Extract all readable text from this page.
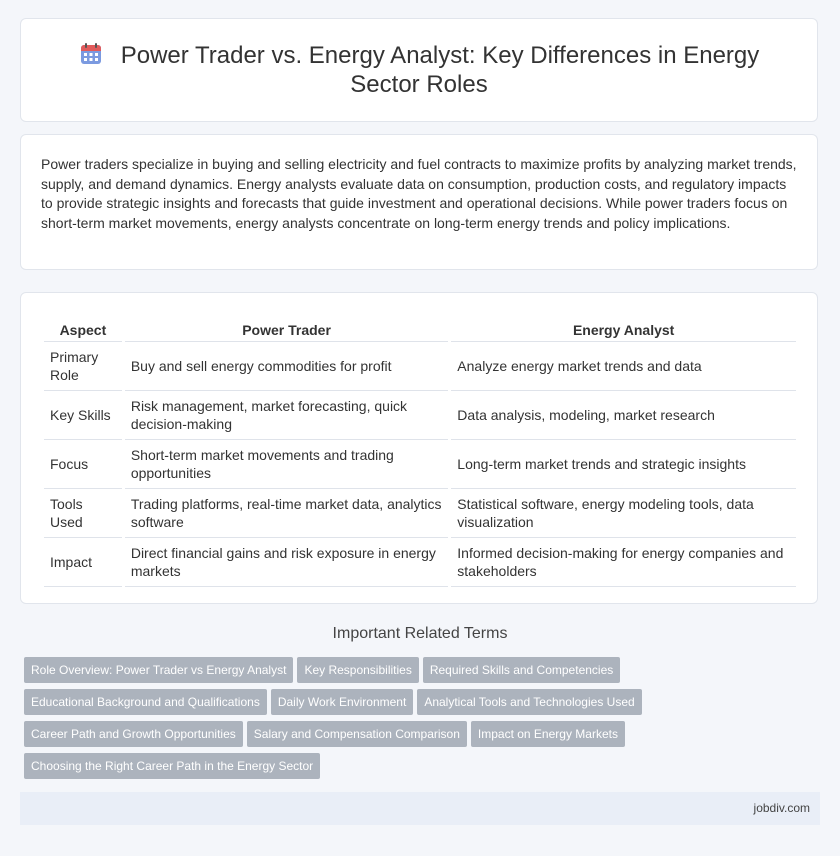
Power Trader vs. Energy Analyst: Key Differences in Energy Sector Roles

Power traders specialize in buying and selling electricity and fuel contracts to maximize profits by analyzing market trends, supply, and demand dynamics. Energy analysts evaluate data on consumption, production costs, and regulatory impacts to provide strategic insights and forecasts that guide investment and operational decisions. While power traders focus on short-term market movements, energy analysts concentrate on long-term energy trends and policy implications.

Aspect	Power Trader	Energy Analyst
Primary Role	Buy and sell energy commodities for profit	Analyze energy market trends and data
Key Skills	Risk management, market forecasting, quick decision-making	Data analysis, modeling, market research
Focus	Short-term market movements and trading opportunities	Long-term market trends and strategic insights
Tools Used	Trading platforms, real-time market data, analytics software	Statistical software, energy modeling tools, data visualization
Impact	Direct financial gains and risk exposure in energy markets	Informed decision-making for energy companies and stakeholders
Important Related Terms
Role Overview: Power Trader vs Energy Analyst Key Responsibilities Required Skills and Competencies
Educational Background and Qualifications Daily Work Environment Analytical Tools and Technologies Used
Career Path and Growth Opportunities Salary and Compensation Comparison Impact on Energy Markets
Choosing the Right Career Path in the Energy Sector
jobdiv.com
